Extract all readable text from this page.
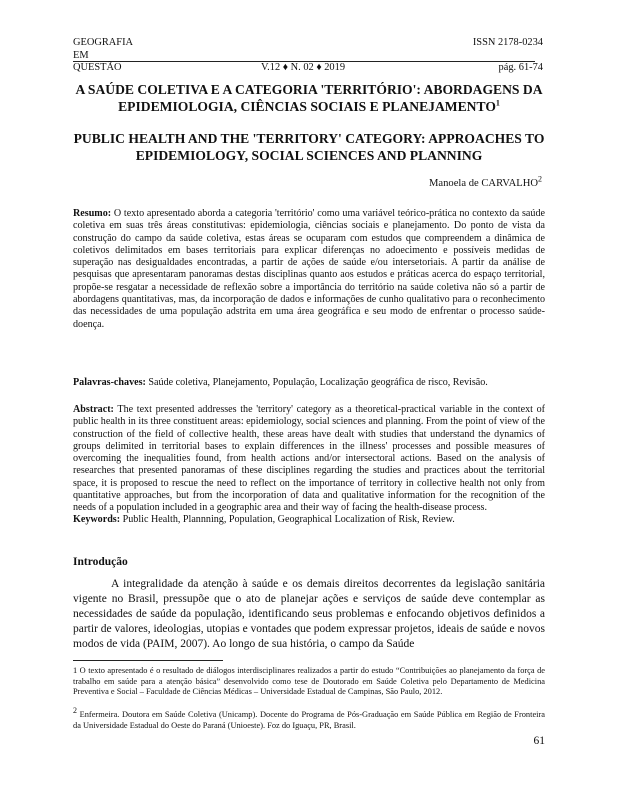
GEOGRAFIA	ISSN 2178-0234
EM
QUESTÃO	V.12 ♦ N. 02 ♦ 2019	pág. 61-74
A SAÚDE COLETIVA E A CATEGORIA 'TERRITÓRIO': ABORDAGENS DA EPIDEMIOLOGIA, CIÊNCIAS SOCIAIS E PLANEJAMENTO$^1$
PUBLIC HEALTH AND THE 'TERRITORY' CATEGORY: APPROACHES TO EPIDEMIOLOGY, SOCIAL SCIENCES AND PLANNING
Manoela de CARVALHO$^2$
Resumo: O texto apresentado aborda a categoria 'território' como uma variável teórico-prática no contexto da saúde coletiva em suas três áreas constitutivas: epidemiologia, ciências sociais e planejamento. Do ponto de vista da construção do campo da saúde coletiva, estas áreas se ocuparam com estudos que compreendem a dinâmica de coletivos delimitados em bases territoriais para explicar diferenças no adoecimento e possíveis medidas de superação nas desigualdades encontradas, a partir de ações de saúde e/ou intersetoriais. A partir da análise de pesquisas que apresentaram panoramas destas disciplinas quanto aos estudos e práticas acerca do espaço territorial, propõe-se resgatar a necessidade de reflexão sobre a importância do território na saúde coletiva não só a partir de abordagens quantitativas, mas, da incorporação de dados e informações de cunho qualitativo para o reconhecimento das necessidades de uma população adstrita em uma área geográfica e seu modo de enfrentar o processo saúde-doença.
Palavras-chaves: Saúde coletiva, Planejamento, População, Localização geográfica de risco, Revisão.
Abstract: The text presented addresses the 'territory' category as a theoretical-practical variable in the context of public health in its three constituent areas: epidemiology, social sciences and planning. From the point of view of the construction of the field of collective health, these areas have dealt with studies that understand the dynamics of groups delimited in territorial bases to explain differences in the illness' processes and possible measures of overcoming the inequalities found, from health actions and/or intersectoral actions. Based on the analysis of researches that presented panoramas of these disciplines regarding the studies and practices about the territorial space, it is proposed to rescue the need to reflect on the importance of territory in collective health not only from quantitative approaches, but from the incorporation of data and qualitative information for the recognition of the needs of a population included in a geographic area and their way of facing the health-disease process.
Keywords: Public Health, Plannning, Population, Geographical Localization of Risk, Review.
Introdução
A integralidade da atenção à saúde e os demais direitos decorrentes da legislação sanitária vigente no Brasil, pressupõe que o ato de planejar ações e serviços de saúde deve contemplar as necessidades de saúde da população, identificando seus problemas e enfocando objetivos definidos a partir de valores, ideologias, utopias e vontades que podem expressar projetos, ideais de saúde e novos modos de vida (PAIM, 2007). Ao longo de sua história, o campo da Saúde
1 O texto apresentado é o resultado de diálogos interdisciplinares realizados a partir do estudo “Contribuições ao planejamento da força de trabalho em saúde para a atenção básica” desenvolvido como tese de Doutorado em Saúde Coletiva pelo Departamento de Medicina Preventiva e Social – Faculdade de Ciências Médicas – Universidade Estadual de Campinas, São Paulo, 2012.
$^2$ Enfermeira. Doutora em Saúde Coletiva (Unicamp). Docente do Programa de Pós-Graduação em Saúde Pública em Região de Fronteira da Universidade Estadual do Oeste do Paraná (Unioeste). Foz do Iguaçu, PR, Brasil.
61
